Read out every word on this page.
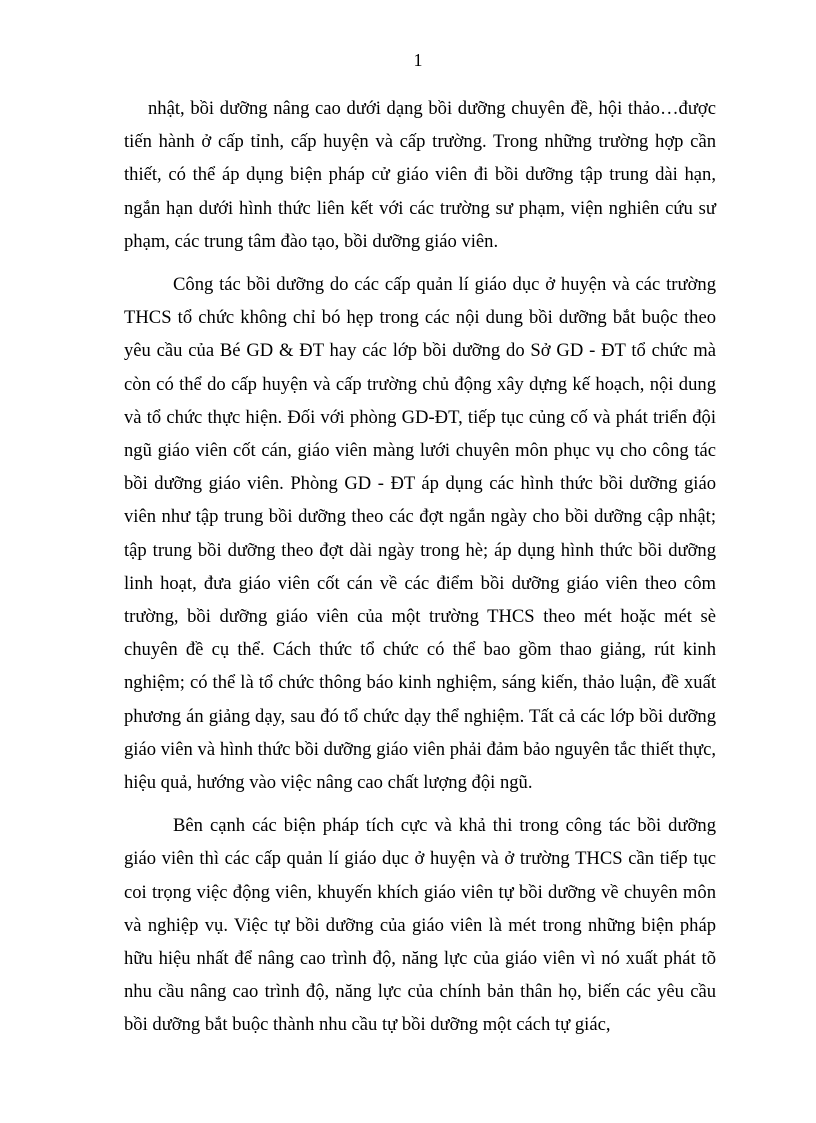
1

nhật, bồi dưỡng nâng cao dưới dạng bồi dưỡng chuyên đề, hội thảo…được tiến hành ở cấp tỉnh, cấp huyện và cấp trường. Trong những trường hợp cần thiết, có thể áp dụng biện pháp cử giáo viên đi bồi dưỡng tập trung dài hạn, ngắn hạn dưới hình thức liên kết với các trường sư phạm, viện nghiên cứu sư phạm, các trung tâm đào tạo, bồi dưỡng giáo viên.

Công tác bồi dưỡng do các cấp quản lí giáo dục ở huyện và các trường THCS tổ chức không chỉ bó hẹp trong các nội dung bồi dưỡng bắt buộc theo yêu cầu của Bé GD & ĐT hay các lớp bồi dưỡng do Sở GD - ĐT tổ chức mà còn có thể do cấp huyện và cấp trường chủ động xây dựng kế hoạch, nội dung và tổ chức thực hiện. Đối với phòng GD-ĐT, tiếp tục củng cố và phát triển đội ngũ giáo viên cốt cán, giáo viên màng lưới chuyên môn phục vụ cho công tác bồi dưỡng giáo viên. Phòng GD - ĐT áp dụng các hình thức bồi dưỡng giáo viên như tập trung bồi dưỡng theo các đợt ngắn ngày cho bồi dưỡng cập nhật; tập trung bồi dưỡng theo đợt dài ngày trong hè; áp dụng hình thức bồi dưỡng linh hoạt, đưa giáo viên cốt cán về các điểm bồi dưỡng giáo viên theo côm trường, bồi dưỡng giáo viên của một trường THCS theo mét hoặc mét sè chuyên đề cụ thể. Cách thức tổ chức có thể bao gồm thao giảng, rút kinh nghiệm; có thể là tổ chức thông báo kinh nghiệm, sáng kiến, thảo luận, đề xuất phương án giảng dạy, sau đó tổ chức dạy thể nghiệm. Tất cả các lớp bồi dưỡng giáo viên và hình thức bồi dưỡng giáo viên phải đảm bảo nguyên tắc thiết thực, hiệu quả, hướng vào việc nâng cao chất lượng đội ngũ.

Bên cạnh các biện pháp tích cực và khả thi trong công tác bồi dưỡng giáo viên thì các cấp quản lí giáo dục ở huyện và ở trường THCS cần tiếp tục coi trọng việc động viên, khuyến khích giáo viên tự bồi dưỡng về chuyên môn và nghiệp vụ. Việc tự bồi dưỡng của giáo viên là mét trong những biện pháp hữu hiệu nhất để nâng cao trình độ, năng lực của giáo viên vì nó xuất phát tõ nhu cầu nâng cao trình độ, năng lực của chính bản thân họ, biến các yêu cầu bồi dưỡng bắt buộc thành nhu cầu tự bồi dưỡng một cách tự giác,
